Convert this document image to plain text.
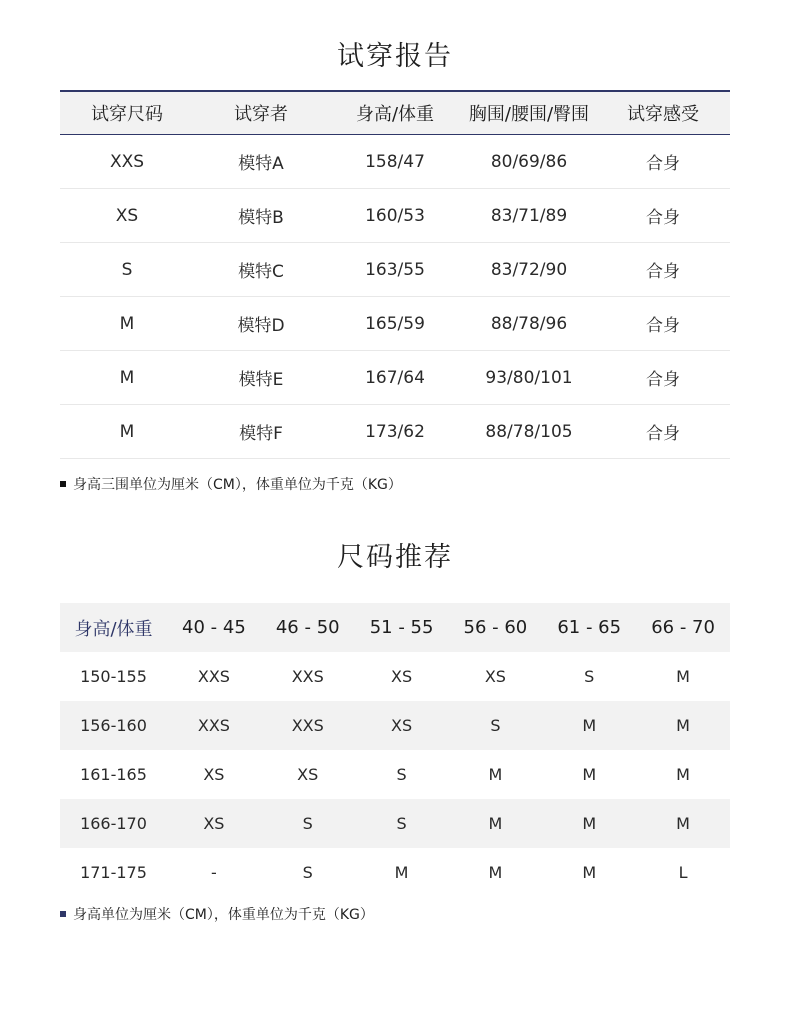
试穿报告
试穿尺码	试穿者	身高/体重	胸围/腰围/臀围	试穿感受
XXS	模特A	158/47	80/69/86	合身
XS	模特B	160/53	83/71/89	合身
S	模特C	163/55	83/72/90	合身
M	模特D	165/59	88/78/96	合身
M	模特E	167/64	93/80/101	合身
M	模特F	173/62	88/78/105	合身
身高三围单位为厘米（CM），体重单位为千克（KG）
尺码推荐
身高/体重	40 - 45	46 - 50	51 - 55	56 - 60	61 - 65	66 - 70
150-155	XXS	XXS	XS	XS	S	M
156-160	XXS	XXS	XS	S	M	M
161-165	XS	XS	S	M	M	M
166-170	XS	S	S	M	M	M
171-175	-	S	M	M	M	L
身高单位为厘米（CM），体重单位为千克（KG）
